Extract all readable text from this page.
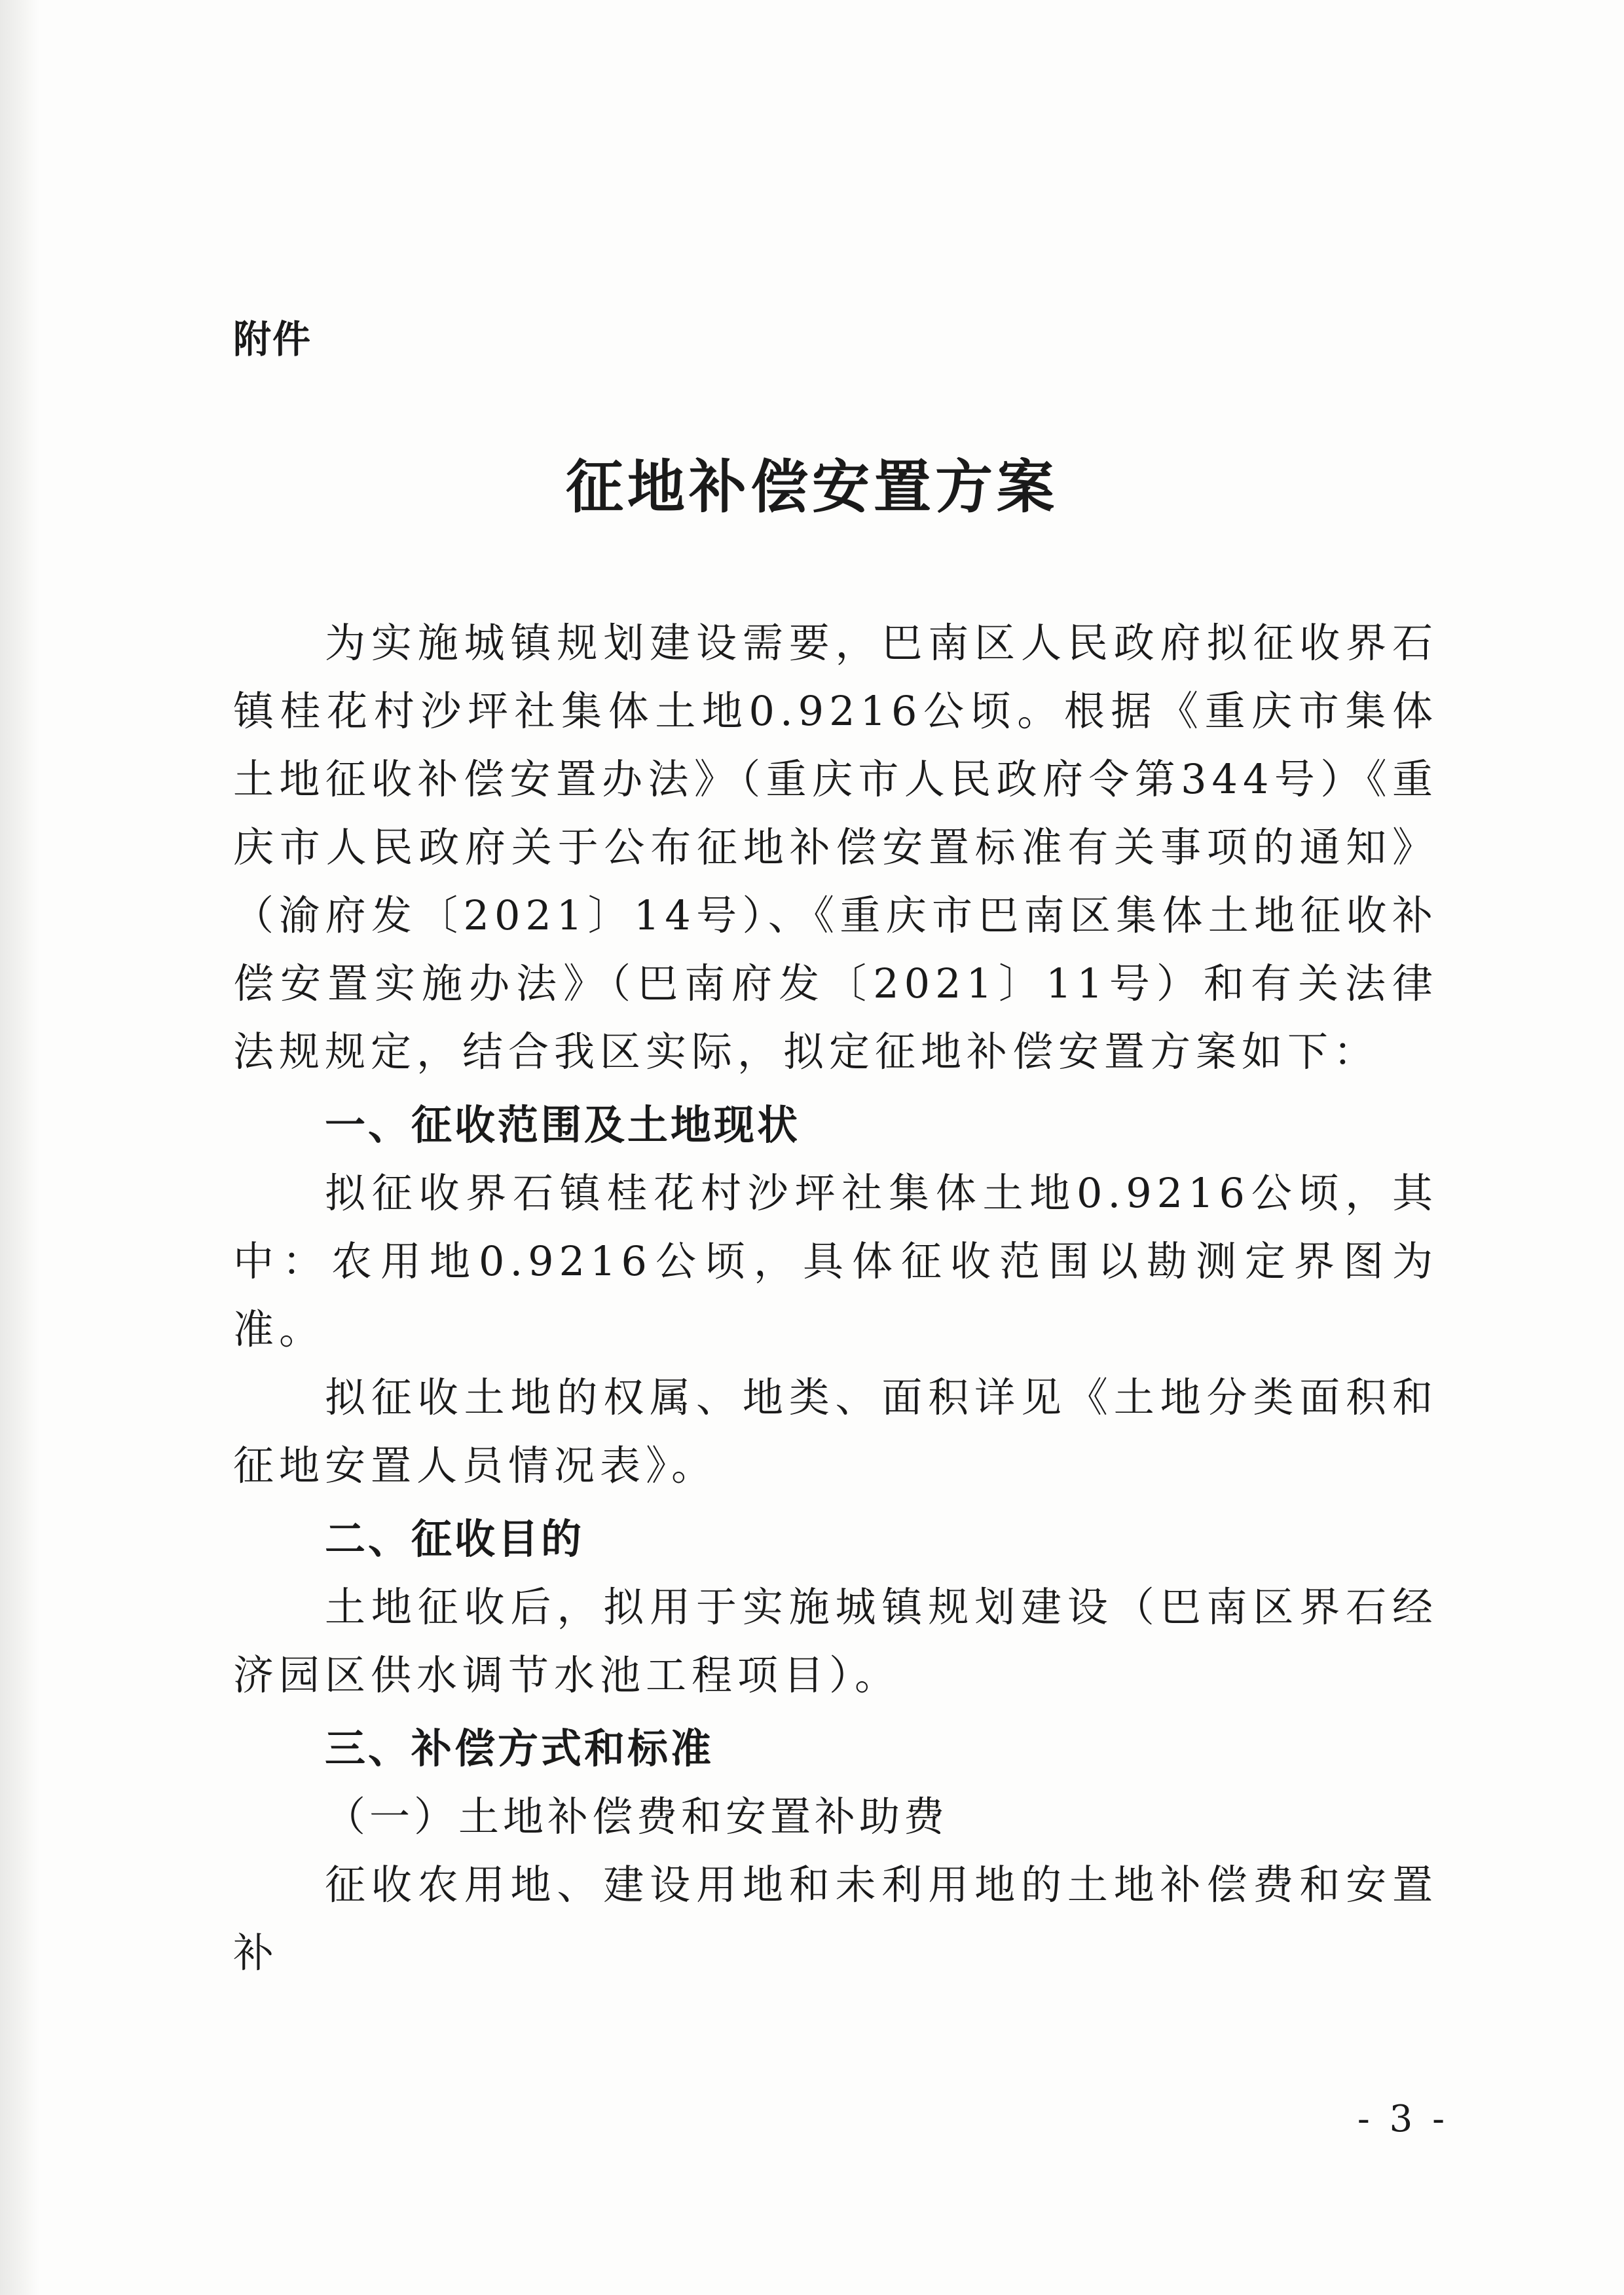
附件
征地补偿安置方案

为实施城镇规划建设需要，巴南区人民政府拟征收界石镇桂花村沙坪社集体土地0.9216公顷。根据《重庆市集体土地征收补偿安置办法》（重庆市人民政府令第344号）《重庆市人民政府关于公布征地补偿安置标准有关事项的通知》（渝府发〔2021〕14号）、《重庆市巴南区集体土地征收补偿安置实施办法》（巴南府发〔2021〕11号）和有关法律法规规定，结合我区实际，拟定征地补偿安置方案如下：

一、征收范围及土地现状

拟征收界石镇桂花村沙坪社集体土地0.9216公顷，其中：农用地0.9216公顷，具体征收范围以勘测定界图为准。

拟征收土地的权属、地类、面积详见《土地分类面积和征地安置人员情况表》。

二、征收目的

土地征收后，拟用于实施城镇规划建设（巴南区界石经济园区供水调节水池工程项目）。

三、补偿方式和标准

（一）土地补偿费和安置补助费

征收农用地、建设用地和未利用地的土地补偿费和安置补

- 3 -
